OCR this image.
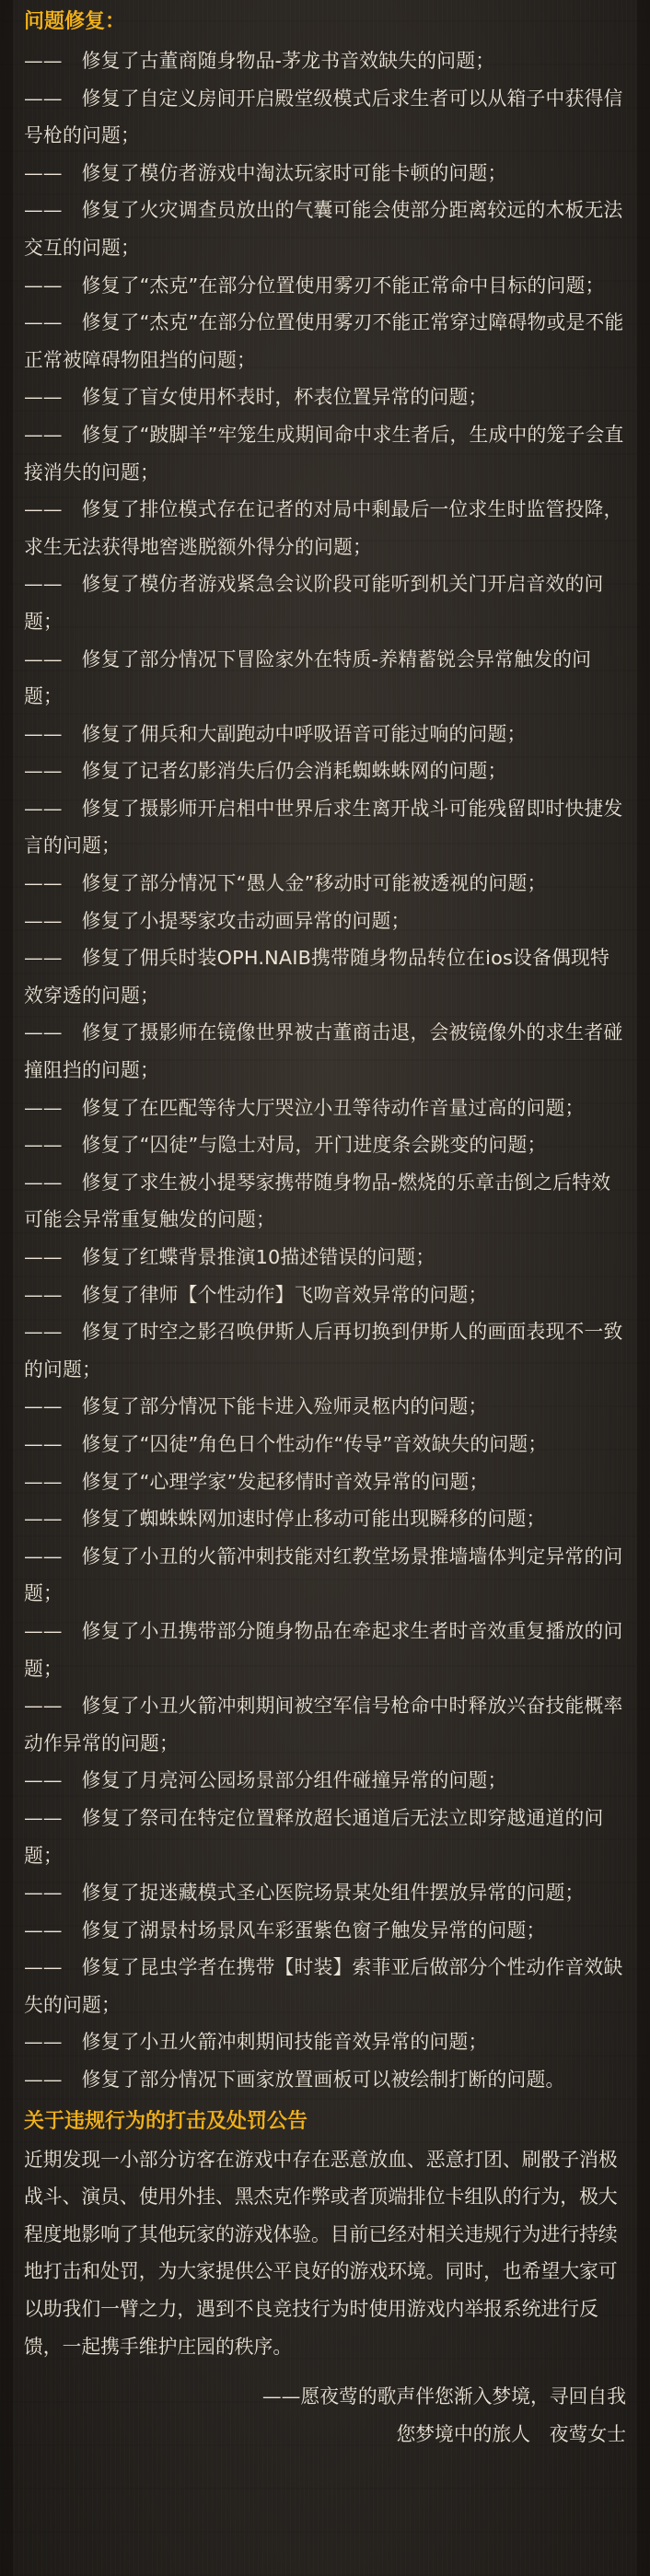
问题修复：
——　 修复了古董商随身物品-茅龙书音效缺失的问题；
——　 修复了自定义房间开启殿堂级模式后求生者可以从箱子中获得信号枪的问题；
——　 修复了模仿者游戏中淘汰玩家时可能卡顿的问题；
——　 修复了火灾调查员放出的气囊可能会使部分距离较远的木板无法交互的问题；
——　 修复了“杰克”在部分位置使用雾刃不能正常命中目标的问题；
——　 修复了“杰克”在部分位置使用雾刃不能正常穿过障碍物或是不能正常被障碍物阻挡的问题；
——　 修复了盲女使用杯表时，杯表位置异常的问题；
——　 修复了“跛脚羊”牢笼生成期间命中求生者后，生成中的笼子会直接消失的问题；
——　 修复了排位模式存在记者的对局中剩最后一位求生时监管投降，求生无法获得地窖逃脱额外得分的问题；
——　 修复了模仿者游戏紧急会议阶段可能听到机关门开启音效的问题；
——　 修复了部分情况下冒险家外在特质-养精蓄锐会异常触发的问题；
——　 修复了佣兵和大副跑动中呼吸语音可能过响的问题；
——　 修复了记者幻影消失后仍会消耗蜘蛛蛛网的问题；
——　 修复了摄影师开启相中世界后求生离开战斗可能残留即时快捷发言的问题；
——　 修复了部分情况下“愚人金”移动时可能被透视的问题；
——　 修复了小提琴家攻击动画异常的问题；
——　 修复了佣兵时装OPH.NAIB携带随身物品转位在ios设备偶现特效穿透的问题；
——　 修复了摄影师在镜像世界被古董商击退，会被镜像外的求生者碰撞阻挡的问题；
——　 修复了在匹配等待大厅哭泣小丑等待动作音量过高的问题；
——　 修复了“囚徒”与隐士对局，开门进度条会跳变的问题；
——　 修复了求生被小提琴家携带随身物品-燃烧的乐章击倒之后特效可能会异常重复触发的问题；
——　 修复了红蝶背景推演10描述错误的问题；
——　 修复了律师【个性动作】飞吻音效异常的问题；
——　 修复了时空之影召唤伊斯人后再切换到伊斯人的画面表现不一致的问题；
——　 修复了部分情况下能卡进入殓师灵柩内的问题；
——　 修复了“囚徒”角色日个性动作“传导”音效缺失的问题；
——　 修复了“心理学家”发起移情时音效异常的问题；
——　 修复了蜘蛛蛛网加速时停止移动可能出现瞬移的问题；
——　 修复了小丑的火箭冲刺技能对红教堂场景推墙墙体判定异常的问题；
——　 修复了小丑携带部分随身物品在牵起求生者时音效重复播放的问题；
——　 修复了小丑火箭冲刺期间被空军信号枪命中时释放兴奋技能概率动作异常的问题；
——　 修复了月亮河公园场景部分组件碰撞异常的问题；
——　 修复了祭司在特定位置释放超长通道后无法立即穿越通道的问题；
——　 修复了捉迷藏模式圣心医院场景某处组件摆放异常的问题；
——　 修复了湖景村场景风车彩蛋紫色窗子触发异常的问题；
——　 修复了昆虫学者在携带【时装】索菲亚后做部分个性动作音效缺失的问题；
——　 修复了小丑火箭冲刺期间技能音效异常的问题；
——　 修复了部分情况下画家放置画板可以被绘制打断的问题。
关于违规行为的打击及处罚公告

近期发现一小部分访客在游戏中存在恶意放血、恶意打团、刷骰子消极战斗、演员、使用外挂、黑杰克作弊或者顶端排位卡组队的行为，极大程度地影响了其他玩家的游戏体验。目前已经对相关违规行为进行持续地打击和处罚，为大家提供公平良好的游戏环境。同时，也希望大家可以助我们一臂之力，遇到不良竞技行为时使用游戏内举报系统进行反馈，一起携手维护庄园的秩序。

——愿夜莺的歌声伴您渐入梦境，寻回自我
您梦境中的旅人　夜莺女士
